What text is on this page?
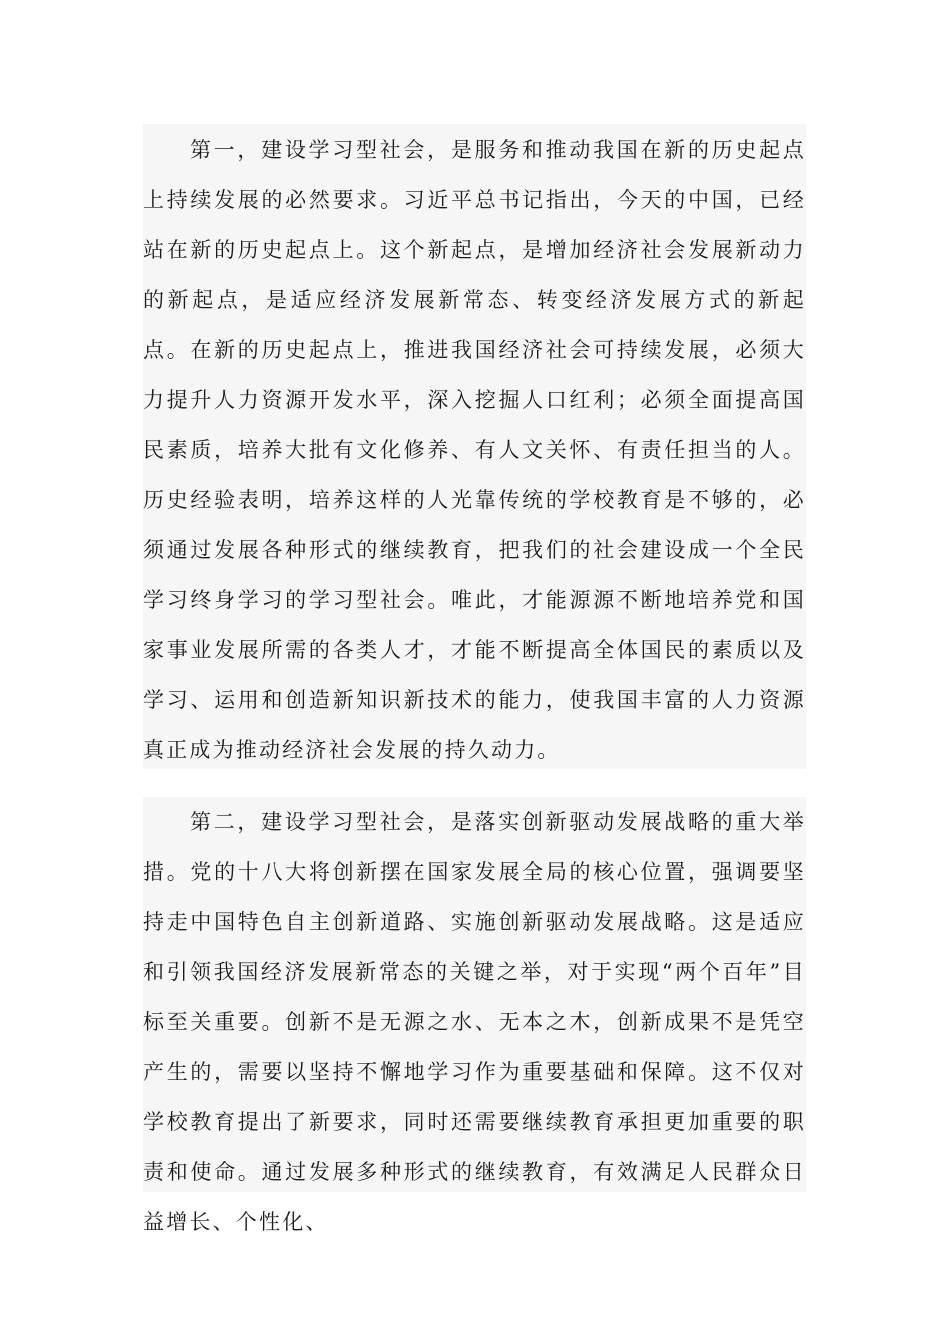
第一，建设学习型社会，是服务和推动我国在新的历史起点上持续发展的必然要求。习近平总书记指出，今天的中国，已经站在新的历史起点上。这个新起点，是增加经济社会发展新动力的新起点，是适应经济发展新常态、转变经济发展方式的新起点。在新的历史起点上，推进我国经济社会可持续发展，必须大力提升人力资源开发水平，深入挖掘人口红利；必须全面提高国民素质，培养大批有文化修养、有人文关怀、有责任担当的人。历史经验表明，培养这样的人光靠传统的学校教育是不够的，必须通过发展各种形式的继续教育，把我们的社会建设成一个全民学习终身学习的学习型社会。唯此，才能源源不断地培养党和国家事业发展所需的各类人才，才能不断提高全体国民的素质以及学习、运用和创造新知识新技术的能力，使我国丰富的人力资源真正成为推动经济社会发展的持久动力。

第二，建设学习型社会，是落实创新驱动发展战略的重大举措。党的十八大将创新摆在国家发展全局的核心位置，强调要坚持走中国特色自主创新道路、实施创新驱动发展战略。这是适应和引领我国经济发展新常态的关键之举，对于实现“两个百年”目标至关重要。创新不是无源之水、无本之木，创新成果不是凭空产生的，需要以坚持不懈地学习作为重要基础和保障。这不仅对学校教育提出了新要求，同时还需要继续教育承担更加重要的职责和使命。通过发展多种形式的继续教育，有效满足人民群众日益增长、个性化、
